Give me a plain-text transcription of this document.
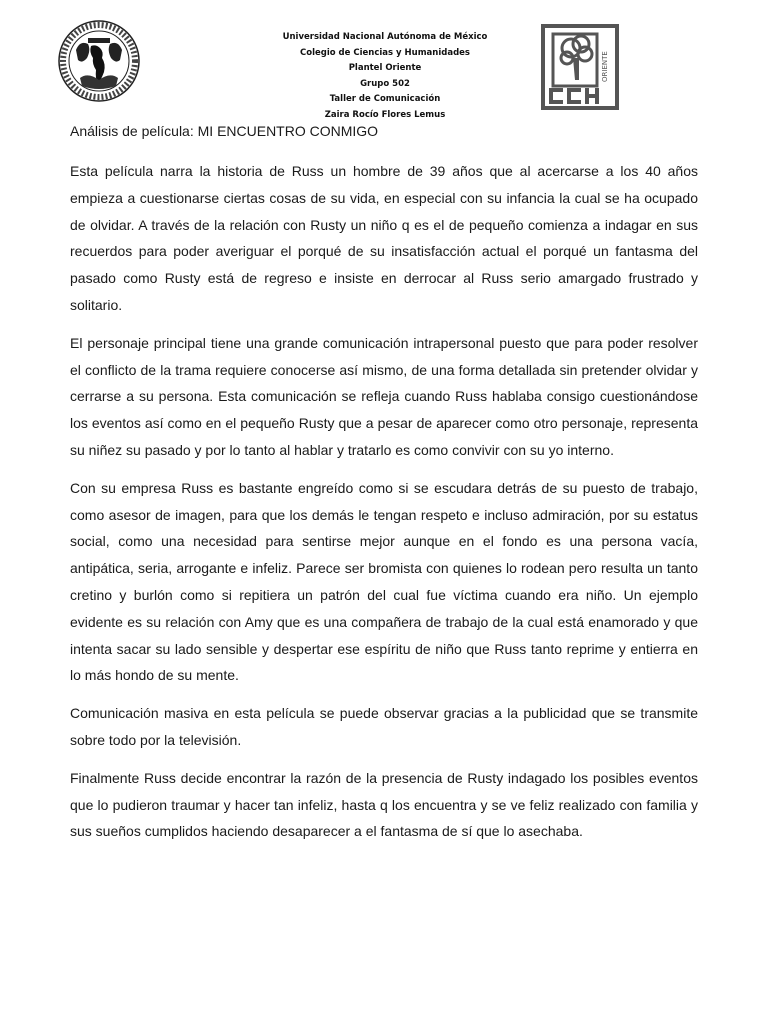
Universidad Nacional Autónoma de México
Colegio de Ciencias y Humanidades
Plantel Oriente
Grupo 502
Taller de Comunicación
Zaira Rocío Flores Lemus
ORIENTE
Análisis de película: MI ENCUENTRO CONMIGO

Esta película narra la historia de Russ un hombre de 39 años que al acercarse a los 40 años empieza a cuestionarse ciertas cosas de su vida, en especial con su infancia la cual se ha ocupado de olvidar. A través de la relación con Rusty un niño q es el de pequeño comienza a indagar en sus recuerdos para poder averiguar el porqué de su insatisfacción actual el porqué un fantasma del pasado como Rusty está de regreso e insiste en derrocar al Russ serio amargado frustrado y solitario.

El personaje principal tiene una grande comunicación intrapersonal puesto que para poder resolver el conflicto de la trama requiere conocerse así mismo, de una forma detallada sin pretender olvidar y cerrarse a su persona. Esta comunicación se refleja cuando Russ hablaba consigo cuestionándose los eventos así como en el pequeño Rusty que a pesar de aparecer como otro personaje, representa su niñez su pasado y por lo tanto al hablar y tratarlo es como convivir con su yo interno.

Con su empresa Russ es bastante engreído como si se escudara detrás de su puesto de trabajo, como asesor de imagen, para que los demás le tengan respeto e incluso admiración, por su estatus social, como una necesidad para sentirse mejor aunque en el fondo es una persona vacía, antipática, seria, arrogante e infeliz. Parece ser bromista con quienes lo rodean pero resulta un tanto cretino y burlón como si repitiera un patrón del cual fue víctima cuando era niño. Un ejemplo evidente es su relación con Amy que es una compañera de trabajo de la cual está enamorado y que intenta sacar su lado sensible y despertar ese espíritu de niño que Russ tanto reprime y entierra en lo más hondo de su mente.

Comunicación masiva en esta película se puede observar gracias a la publicidad que se transmite sobre todo por la televisión.

Finalmente Russ decide encontrar la razón de la presencia de Rusty indagado los posibles eventos que lo pudieron traumar y hacer tan infeliz, hasta q los encuentra y se ve feliz realizado con familia y sus sueños cumplidos haciendo desaparecer a el fantasma de sí que lo asechaba.
